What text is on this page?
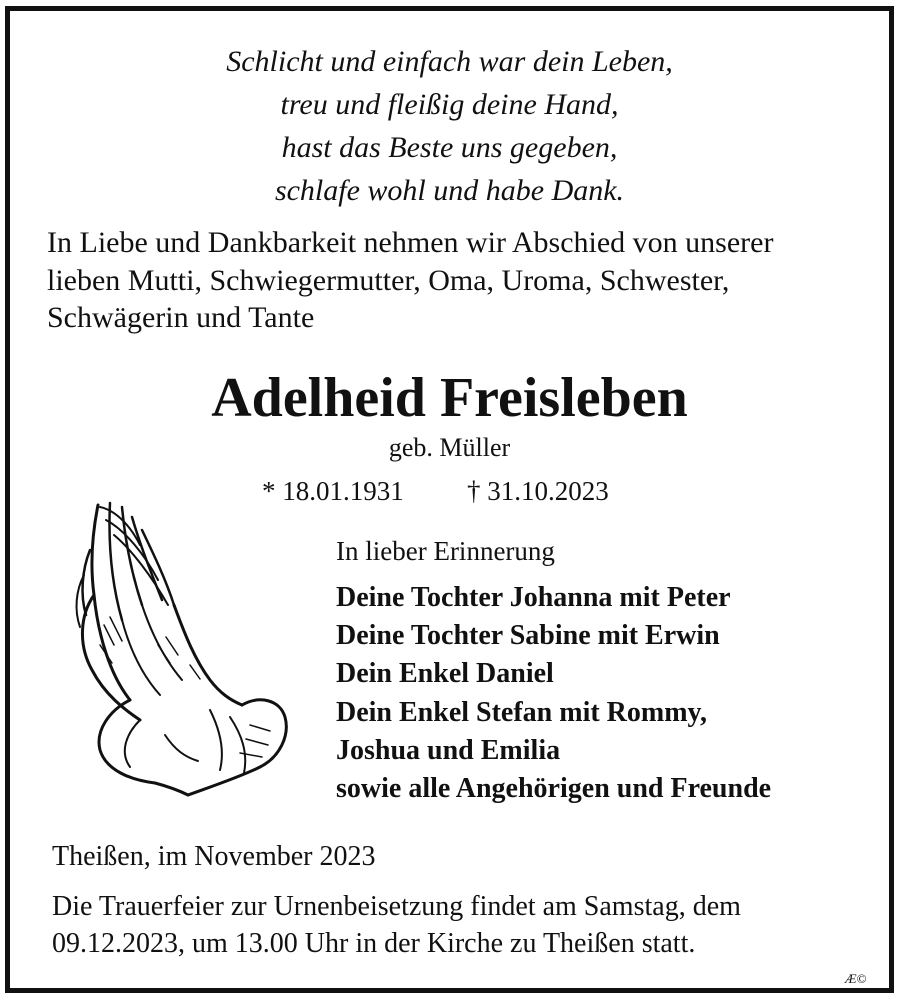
Schlicht und einfach war dein Leben,
treu und fleißig deine Hand,
hast das Beste uns gegeben,
schlafe wohl und habe Dank.
In Liebe und Dankbarkeit nehmen wir Abschied von unserer
lieben Mutti, Schwiegermutter, Oma, Uroma, Schwester,
Schwägerin und Tante
Adelheid Freisleben
geb. Müller
* 18.01.1931 † 31.10.2023
In lieber Erinnerung
Deine Tochter Johanna mit Peter
Deine Tochter Sabine mit Erwin
Dein Enkel Daniel
Dein Enkel Stefan mit Rommy,
Joshua und Emilia
sowie alle Angehörigen und Freunde
Theißen, im November 2023
Die Trauerfeier zur Urnenbeisetzung findet am Samstag, dem
09.12.2023, um 13.00 Uhr in der Kirche zu Theißen statt.
Æ©
